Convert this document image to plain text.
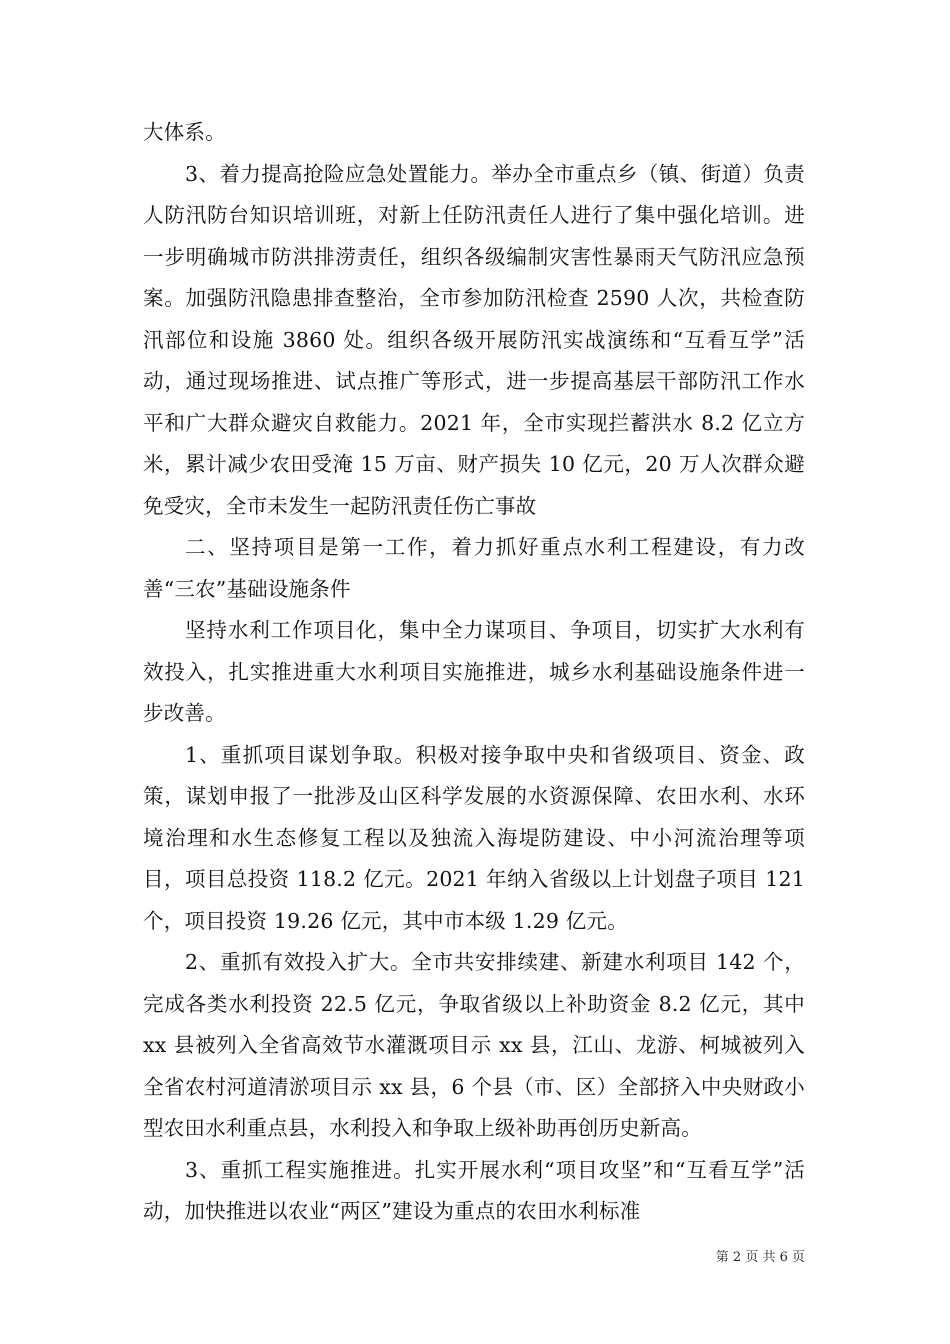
大体系。

3、着力提高抢险应急处置能力。举办全市重点乡（镇、街道）负责人防汛防台知识培训班，对新上任防汛责任人进行了集中强化培训。进一步明确城市防洪排涝责任，组织各级编制灾害性暴雨天气防汛应急预案。加强防汛隐患排查整治，全市参加防汛检查 2590 人次，共检查防汛部位和设施 3860 处。组织各级开展防汛实战演练和“互看互学”活动，通过现场推进、试点推广等形式，进一步提高基层干部防汛工作水平和广大群众避灾自救能力。2021 年，全市实现拦蓄洪水 8.2 亿立方米，累计减少农田受淹 15 万亩、财产损失 10 亿元，20 万人次群众避免受灾，全市未发生一起防汛责任伤亡事故

二、坚持项目是第一工作，着力抓好重点水利工程建设，有力改善“三农”基础设施条件

坚持水利工作项目化，集中全力谋项目、争项目，切实扩大水利有效投入，扎实推进重大水利项目实施推进，城乡水利基础设施条件进一步改善。

1、重抓项目谋划争取。积极对接争取中央和省级项目、资金、政策，谋划申报了一批涉及山区科学发展的水资源保障、农田水利、水环境治理和水生态修复工程以及独流入海堤防建设、中小河流治理等项目，项目总投资 118.2 亿元。2021 年纳入省级以上计划盘子项目 121 个，项目投资 19.26 亿元，其中市本级 1.29 亿元。

2、重抓有效投入扩大。全市共安排续建、新建水利项目 142 个，完成各类水利投资 22.5 亿元，争取省级以上补助资金 8.2 亿元，其中 xx 县被列入全省高效节水灌溉项目示 xx 县，江山、龙游、柯城被列入全省农村河道清淤项目示 xx 县，6 个县（市、区）全部挤入中央财政小型农田水利重点县，水利投入和争取上级补助再创历史新高。

3、重抓工程实施推进。扎实开展水利“项目攻坚”和“互看互学”活动，加快推进以农业“两区”建设为重点的农田水利标准

第 2 页 共 6 页
